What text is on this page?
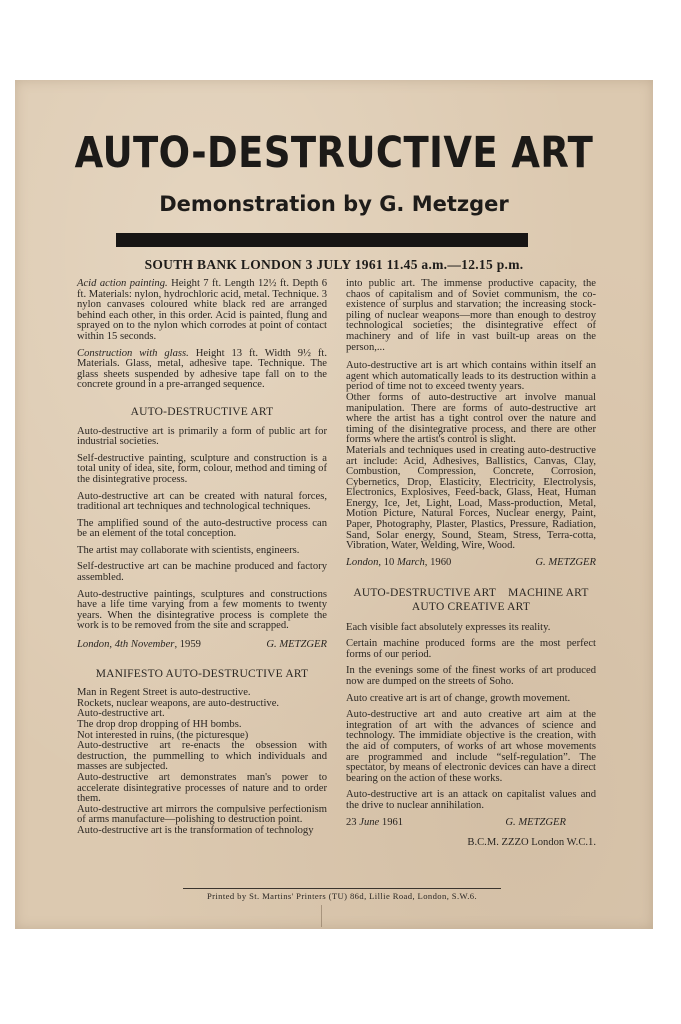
AUTO-DESTRUCTIVE ART
Demonstration by G. Metzger
SOUTH BANK LONDON 3 JULY 1961 11.45 a.m.—12.15 p.m.

Acid action painting. Height 7 ft. Length 12½ ft. Depth 6 ft. Materials: nylon, hydrochloric acid, metal. Technique. 3 nylon canvases coloured white black red are arranged behind each other, in this order. Acid is painted, flung and sprayed on to the nylon which corrodes at point of contact within 15 seconds.

Construction with glass. Height 13 ft. Width 9½ ft. Materials. Glass, metal, adhesive tape. Technique. The glass sheets suspended by adhesive tape fall on to the concrete ground in a pre-arranged sequence.

AUTO-DESTRUCTIVE ART

Auto-destructive art is primarily a form of public art for industrial societies.

Self-destructive painting, sculpture and construction is a total unity of idea, site, form, colour, method and timing of the disintegrative process.

Auto-destructive art can be created with natural forces, traditional art techniques and technological techniques.

The amplified sound of the auto-destructive process can be an element of the total conception.

The artist may collaborate with scientists, engineers.

Self-destructive art can be machine produced and factory assembled.

Auto-destructive paintings, sculptures and constructions have a life time varying from a few moments to twenty years. When the disintegrative process is complete the work is to be removed from the site and scrapped.

London, 4th November, 1959	G. METZGER
MANIFESTO AUTO-DESTRUCTIVE ART

Man in Regent Street is auto-destructive.

Rockets, nuclear weapons, are auto-destructive.

Auto-destructive art.

The drop drop dropping of HH bombs.

Not interested in ruins, (the picturesque)

Auto-destructive art re-enacts the obsession with destruction, the pummelling to which individuals and masses are subjected.

Auto-destructive art demonstrates man's power to accelerate disintegrative processes of nature and to order them.

Auto-destructive art mirrors the compulsive perfectionism of arms manufacture—polishing to destruction point.

Auto-destructive art is the transformation of technology

into public art. The immense productive capacity, the chaos of capitalism and of Soviet communism, the co-existence of surplus and starvation; the increasing stock-piling of nuclear weapons—more than enough to destroy technological societies; the disintegrative effect of machinery and of life in vast built-up areas on the person,...

Auto-destructive art is art which contains within itself an agent which automatically leads to its destruction within a period of time not to exceed twenty years.

Other forms of auto-destructive art involve manual manipulation. There are forms of auto-destructive art where the artist has a tight control over the nature and timing of the disintegrative process, and there are other forms where the artist's control is slight.

Materials and techniques used in creating auto-destructive art include: Acid, Adhesives, Ballistics, Canvas, Clay, Combustion, Compression, Concrete, Corrosion, Cybernetics, Drop, Elasticity, Electricity, Electrolysis, Electronics, Explosives, Feed-back, Glass, Heat, Human Energy, Ice, Jet, Light, Load, Mass-production, Metal, Motion Picture, Natural Forces, Nuclear energy, Paint, Paper, Photography, Plaster, Plastics, Pressure, Radiation, Sand, Solar energy, Sound, Steam, Stress, Terra-cotta, Vibration, Water, Welding, Wire, Wood.

London, 10 March, 1960	G. METZGER
AUTO-DESTRUCTIVE ART    MACHINE ART
AUTO CREATIVE ART

Each visible fact absolutely expresses its reality.

Certain machine produced forms are the most perfect forms of our period.

In the evenings some of the finest works of art produced now are dumped on the streets of Soho.

Auto creative art is art of change, growth movement.

Auto-destructive art and auto creative art aim at the integration of art with the advances of science and technology. The immidiate objective is the creation, with the aid of computers, of works of art whose movements are programmed and include “self-regulation”. The spectator, by means of electronic devices can have a direct bearing on the action of these works.

Auto-destructive art is an attack on capitalist values and the drive to nuclear annihilation.

23 June 1961	G. METZGER
B.C.M. ZZZO London W.C.1.
Printed by St. Martins' Printers (TU) 86d, Lillie Road, London, S.W.6.
